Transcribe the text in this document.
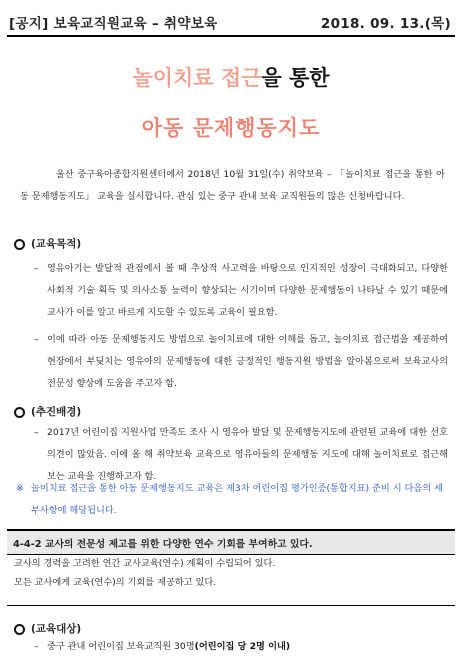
[공지] 보육교직원교육 – 취약보육	2018. 09. 13.(목)
놀이치료 접근을 통한
아동 문제행동지도
울산 중구육아종합지원센터에서 2018년 10월 31일(수) 취약보육 – 「놀이치료 접근을 통한 아동 문제행동지도」 교육을 실시합니다. 관심 있는 중구 관내 보육 교직원들의 많은 신청바랍니다.
(교육목적)
– 영유아기는 발달적 관점에서 볼 때 추상적 사고력을 바탕으로 인지적인 성장이 극대화되고, 다양한 사회적 기술 획득 및 의사소통 능력이 향상되는 시기이며 다양한 문제행동이 나타날 수 있기 때문에 교사가 이를 알고 바르게 지도할 수 있도록 교육이 필요함.
– 이에 따라 아동 문제행동지도 방법으로 놀이치료에 대한 이해를 돕고, 놀이치료 접근법을 제공하여 현장에서 부딪치는 영유아의 문제행동에 대한 긍정적인 행동지원 방법을 알아봄으로써 보육교사의 전문성 향상에 도움을 주고자 함.
(추진배경)
– 2017년 어린이집 지원사업 만족도 조사 시 영유아 발달 및 문제행동지도에 관련된 교육에 대한 선호 의견이 많았음. 이에 올 해 취약보육 교육으로 영유아들의 문제행동 지도에 대해 놀이치료로 접근해보는 교육을 진행하고자 함.
※ 놀이치료 접근을 통한 아동 문제행동지도 교육은 제3차 어린이집 평가인증(통합지표) 준비 시 다음의 세부사항에 해당됩니다.
4-4-2 교사의 전문성 제고를 위한 다양한 연수 기회를 부여하고 있다.
교사의 경력을 고려한 연간 교사교육(연수) 계획이 수립되어 있다.
모든 교사에게 교육(연수)의 기회를 제공하고 있다.
(교육대상)
– 중구 관내 어린이집 보육교직원 30명(어린이집 당 2명 이내)
